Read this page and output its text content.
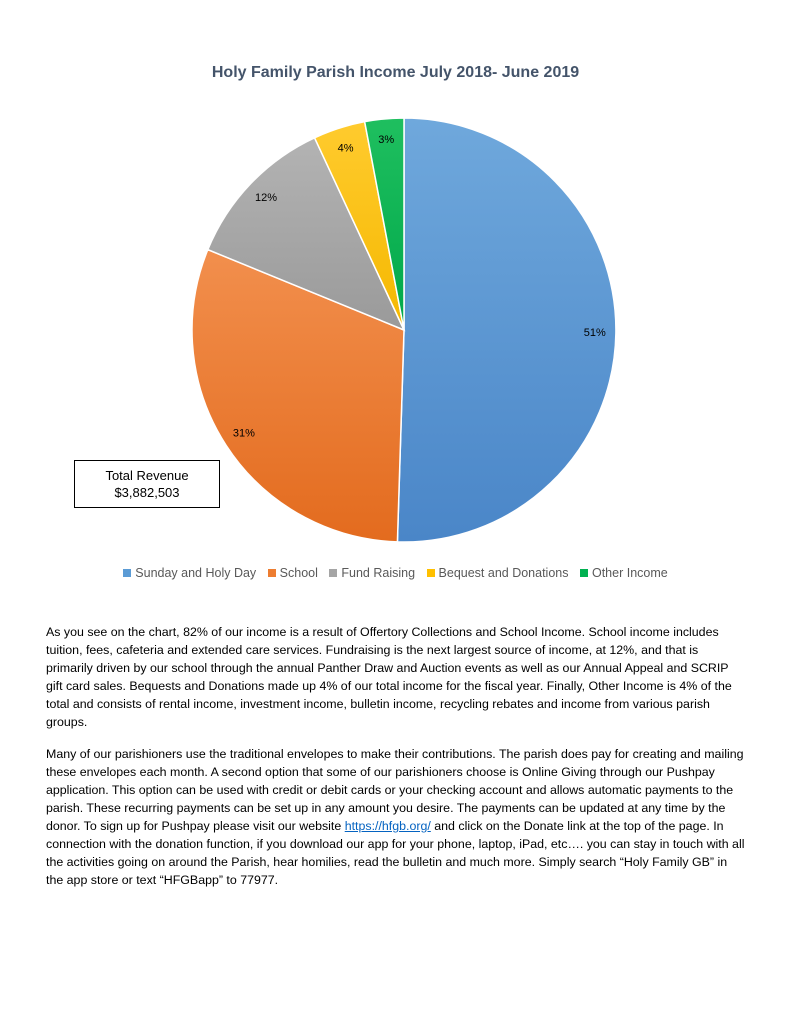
Holy Family Parish Income July 2018- June 2019
51%
31%
12%
4%
3%
Total Revenue
$3,882,503
Sunday and Holy Day School Fund Raising Bequest and Donations Other Income

As you see on the chart, 82% of our income is a result of Offertory Collections and School Income. School income includes tuition, fees, cafeteria and extended care services. Fundraising is the next largest source of income, at 12%, and that is primarily driven by our school through the annual Panther Draw and Auction events as well as our Annual Appeal and SCRIP gift card sales. Bequests and Donations made up 4% of our total income for the fiscal year. Finally, Other Income is 4% of the total and consists of rental income, investment income, bulletin income, recycling rebates and income from various parish groups.

Many of our parishioners use the traditional envelopes to make their contributions. The parish does pay for creating and mailing these envelopes each month. A second option that some of our parishioners choose is Online Giving through our Pushpay application. This option can be used with credit or debit cards or your checking account and allows automatic payments to the parish. These recurring payments can be set up in any amount you desire. The payments can be updated at any time by the donor. To sign up for Pushpay please visit our website https://hfgb.org/ and click on the Donate link at the top of the page. In connection with the donation function, if you download our app for your phone, laptop, iPad, etc…. you can stay in touch with all the activities going on around the Parish, hear homilies, read the bulletin and much more. Simply search “Holy Family GB” in the app store or text “HFGBapp” to 77977.
